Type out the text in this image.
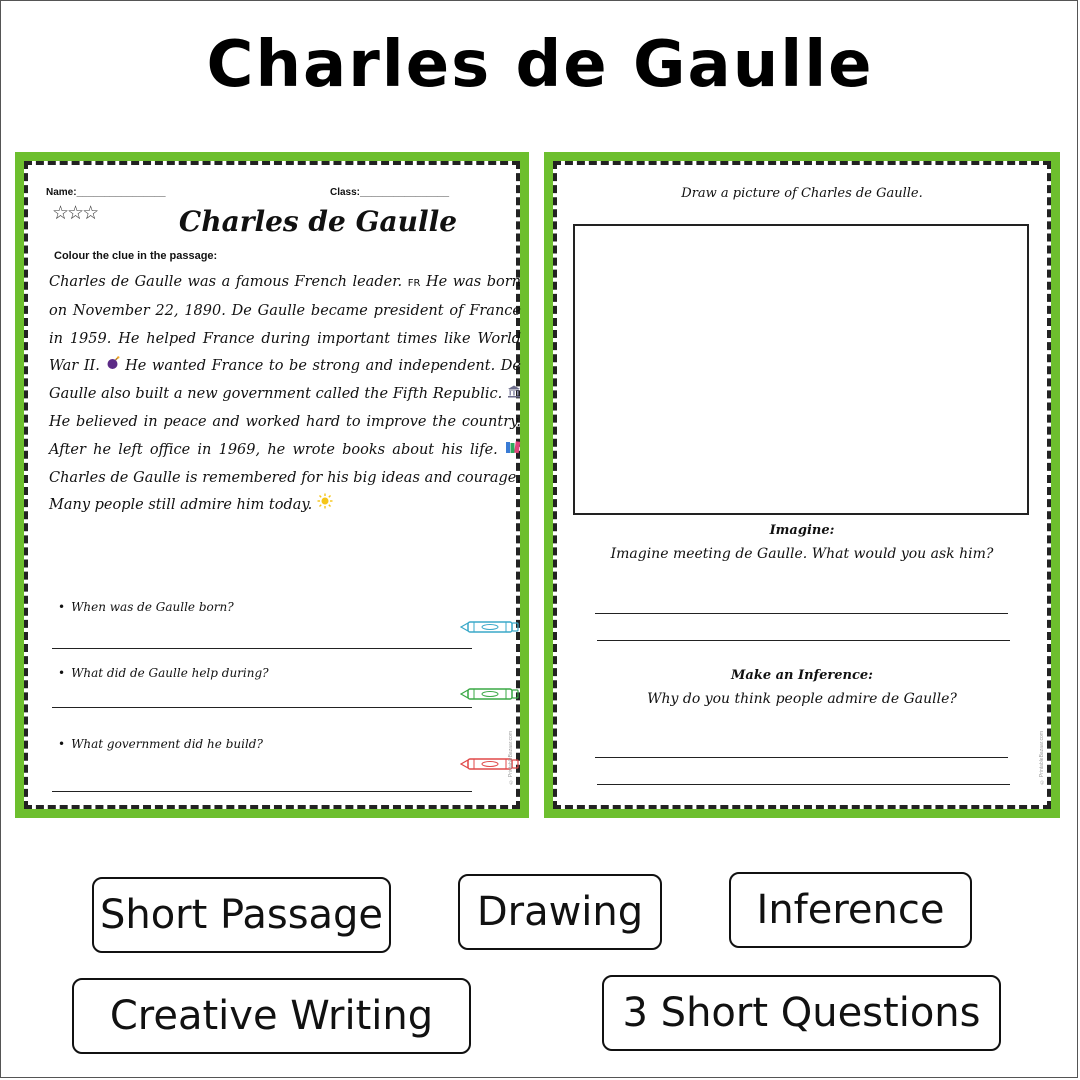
Charles de Gaulle
Name:________________	Class:________________
☆☆☆	Charles de Gaulle
Colour the clue in the passage:
Charles de Gaulle was a famous French leader. FR He was born on November 22, 1890. De Gaulle became president of France in 1959. He helped France during important times like World War II. He wanted France to be strong and independent. De Gaulle also built a new government called the Fifth Republic.  He believed in peace and worked hard to improve the country. After he left office in 1969, he wrote books about his life.  Charles de Gaulle is remembered for his big ideas and courage. Many people still admire him today.
• When was de Gaulle born?
• What did de Gaulle help during?
• What government did he build?	© PrintableBazaar.com
Draw a picture of Charles de Gaulle.
Imagine:
Imagine meeting de Gaulle. What would you ask him?
Make an Inference:
Why do you think people admire de Gaulle?
© PrintableBazaar.com
Short Passage Drawing	Inference
Creative Writing	3 Short Questions
